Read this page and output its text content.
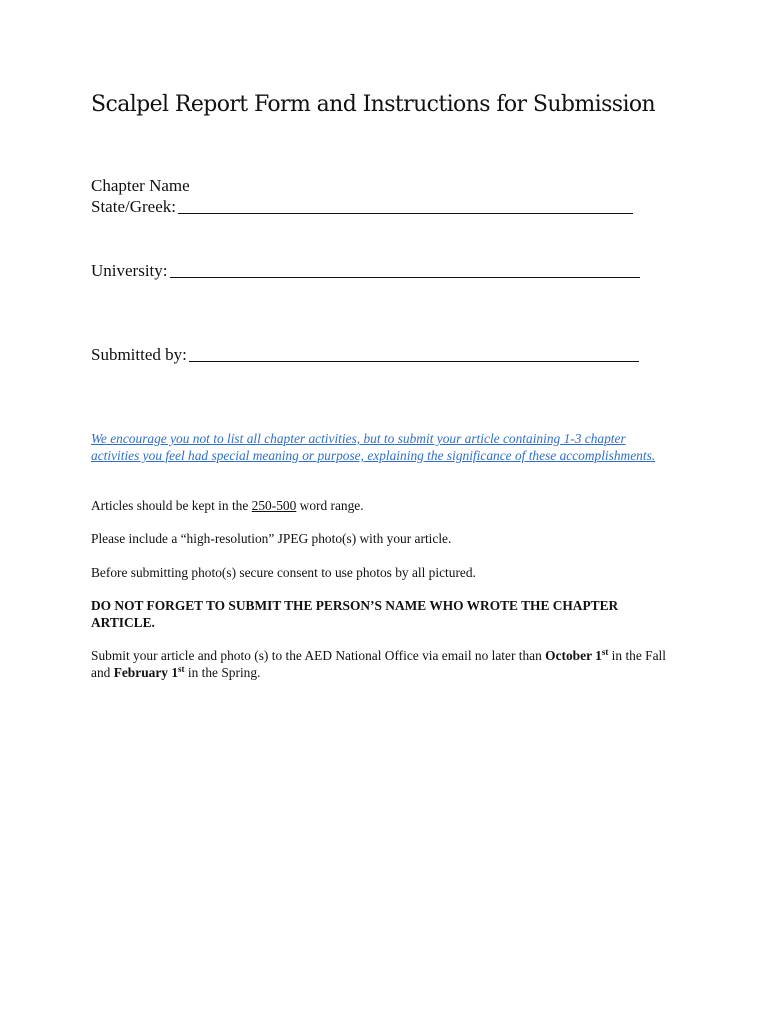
Scalpel Report Form and Instructions for Submission
Chapter Name
State/Greek:
University:
Submitted by:
We encourage you not to list all chapter activities, but to submit your article containing 1-3 chapter activities you feel had special meaning or purpose, explaining the significance of these accomplishments.
Articles should be kept in the 250-500 word range.
Please include a “high-resolution” JPEG photo(s) with your article.
Before submitting photo(s) secure consent to use photos by all pictured.
DO NOT FORGET TO SUBMIT THE PERSON’S NAME WHO WROTE THE CHAPTER ARTICLE.
Submit your article and photo (s) to the AED National Office via email no later than October 1st in the Fall and February 1st in the Spring.
